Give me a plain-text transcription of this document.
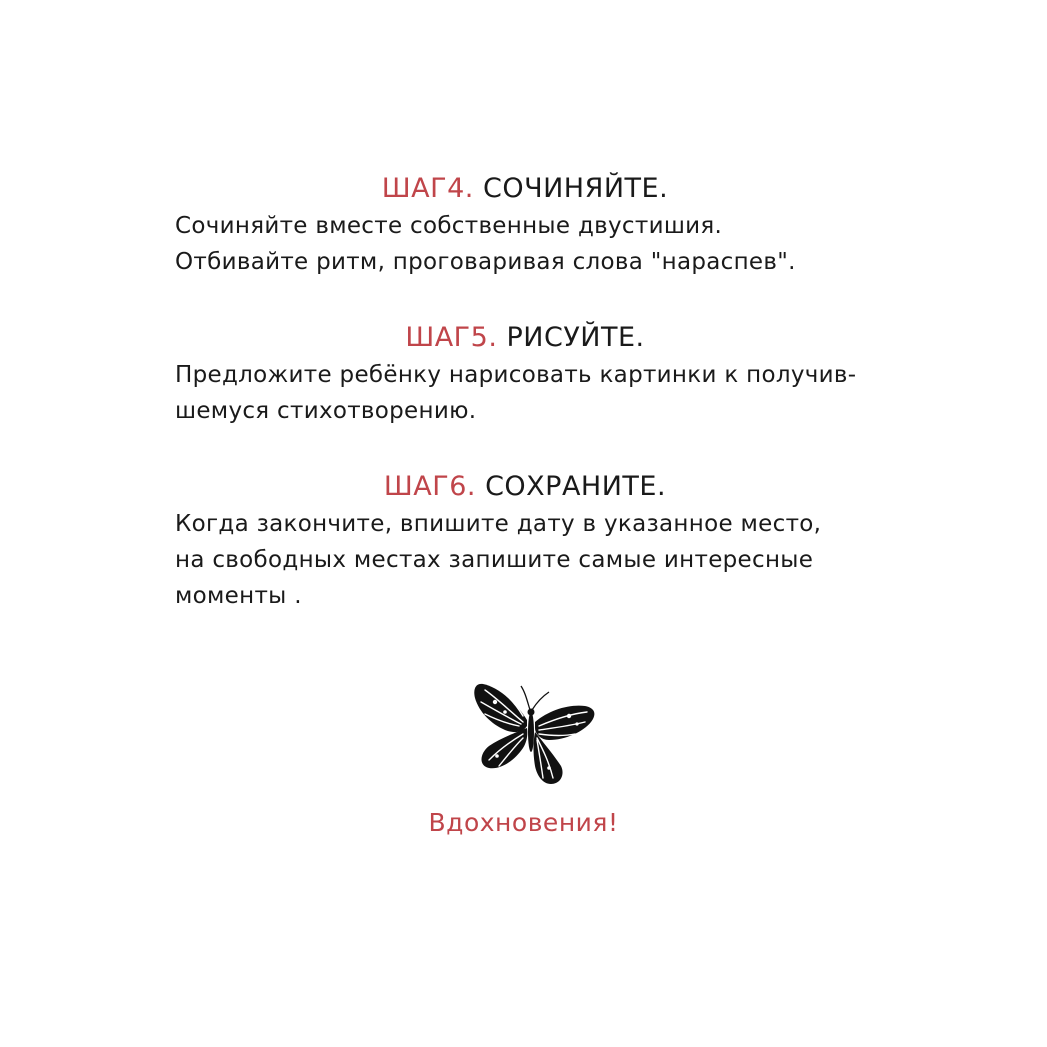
ШАГ4. СОЧИНЯЙТЕ.

Сочиняйте вместе собственные двустишия.
Отбивайте ритм, проговаривая слова "нараспев".

ШАГ5. РИСУЙТЕ.

Предложите ребёнку нарисовать картинки к получив-
шемуся стихотворению.

ШАГ6. СОХРАНИТЕ.

Когда закончите, впишите дату в указанное место,
на свободных местах запишите самые интересные
моменты .

Вдохновения!
